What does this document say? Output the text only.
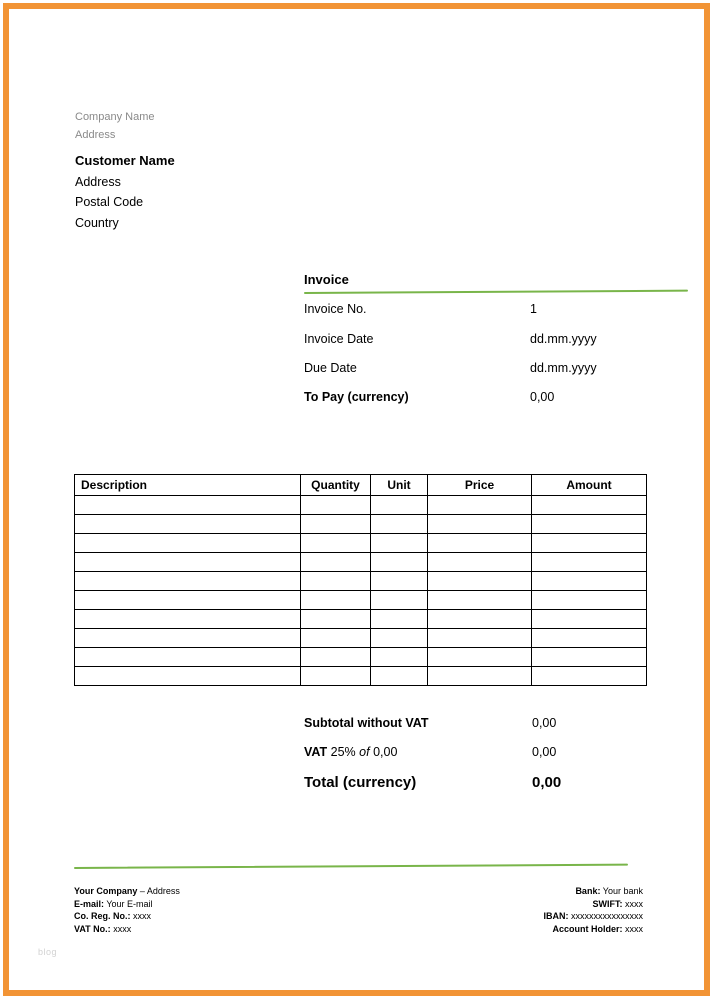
Company Name
Address
Customer Name
Address
Postal Code
Country
Invoice
Invoice No.	1
Invoice Date	dd.mm.yyyy
Due Date	dd.mm.yyyy
To Pay (currency)	0,00
Description	Quantity	Unit	Price	Amount

Subtotal without VAT	0,00
VAT 25% of 0,00	0,00
Total (currency)	0,00
Your Company – Address
E-mail: Your E-mail
Co. Reg. No.: xxxx
VAT No.: xxxx
Bank: Your bank
SWIFT: xxxx
IBAN: xxxxxxxxxxxxxxxx
Account Holder: xxxx
blog
